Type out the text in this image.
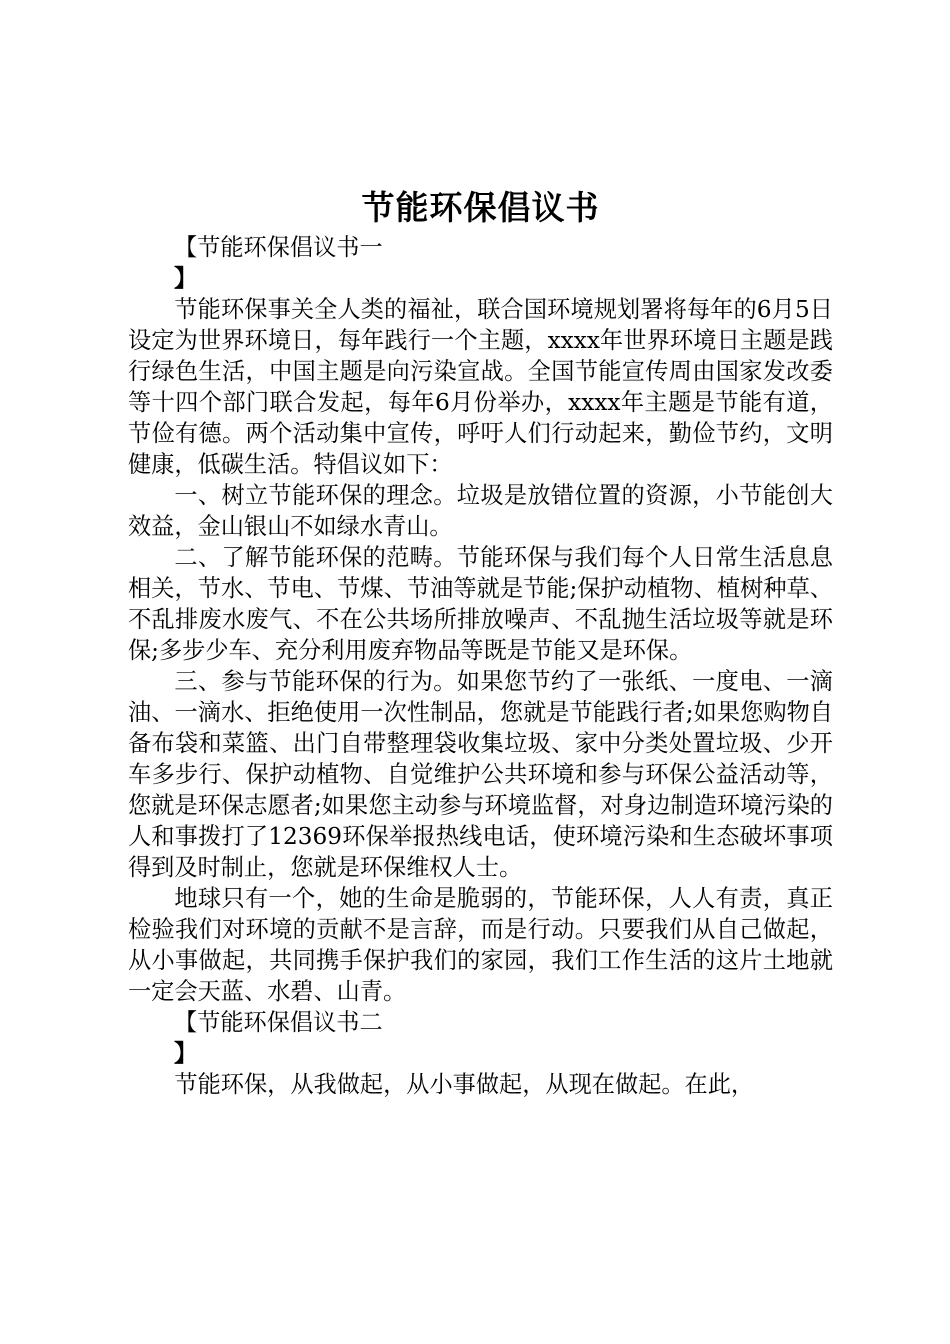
节能环保倡议书
【节能环保倡议书一
】

节能环保事关全人类的福祉，联合国环境规划署将每年的6月5日设定为世界环境日，每年践行一个主题，xxxx年世界环境日主题是践行绿色生活，中国主题是向污染宣战。全国节能宣传周由国家发改委等十四个部门联合发起，每年6月份举办，xxxx年主题是节能有道，节俭有德。两个活动集中宣传，呼吁人们行动起来，勤俭节约，文明健康，低碳生活。特倡议如下：

一、树立节能环保的理念。垃圾是放错位置的资源，小节能创大效益，金山银山不如绿水青山。

二、了解节能环保的范畴。节能环保与我们每个人日常生活息息相关，节水、节电、节煤、节油等就是节能;保护动植物、植树种草、不乱排废水废气、不在公共场所排放噪声、不乱抛生活垃圾等就是环保;多步少车、充分利用废弃物品等既是节能又是环保。

三、参与节能环保的行为。如果您节约了一张纸、一度电、一滴油、一滴水、拒绝使用一次性制品，您就是节能践行者;如果您购物自备布袋和菜篮、出门自带整理袋收集垃圾、家中分类处置垃圾、少开车多步行、保护动植物、自觉维护公共环境和参与环保公益活动等，您就是环保志愿者;如果您主动参与环境监督，对身边制造环境污染的人和事拨打了12369环保举报热线电话，使环境污染和生态破坏事项得到及时制止，您就是环保维权人士。

地球只有一个，她的生命是脆弱的，节能环保，人人有责，真正检验我们对环境的贡献不是言辞，而是行动。只要我们从自己做起，从小事做起，共同携手保护我们的家园，我们工作生活的这片土地就一定会天蓝、水碧、山青。

【节能环保倡议书二
】

节能环保，从我做起，从小事做起，从现在做起。在此，
